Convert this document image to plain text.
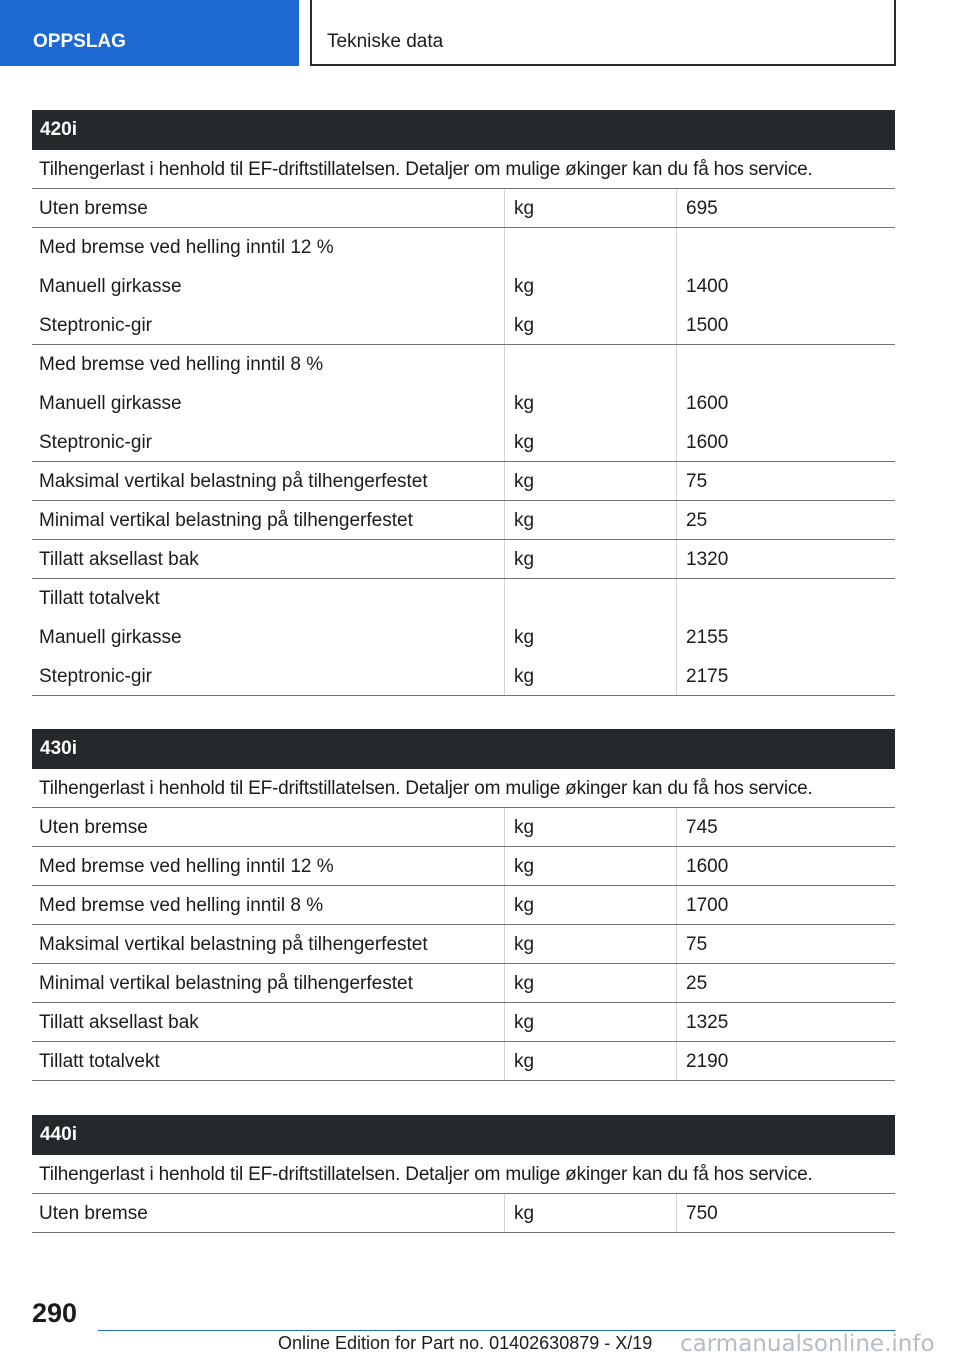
OPPSLAG	Tekniske data
420i
Tilhengerlast i henhold til EF-driftstillatelsen. Detaljer om mulige økinger kan du få hos service.
Uten bremse	kg	695
Med bremse ved helling inntil 12 %
Manuell girkasse	kg	1400
Steptronic-gir	kg	1500
Med bremse ved helling inntil 8 %
Manuell girkasse	kg	1600
Steptronic-gir	kg	1600
Maksimal vertikal belastning på tilhengerfestet	kg	75
Minimal vertikal belastning på tilhengerfestet	kg	25
Tillatt aksellast bak	kg	1320
Tillatt totalvekt
Manuell girkasse	kg	2155
Steptronic-gir	kg	2175
430i
Tilhengerlast i henhold til EF-driftstillatelsen. Detaljer om mulige økinger kan du få hos service.
Uten bremse	kg	745
Med bremse ved helling inntil 12 %	kg	1600
Med bremse ved helling inntil 8 %	kg	1700
Maksimal vertikal belastning på tilhengerfestet	kg	75
Minimal vertikal belastning på tilhengerfestet	kg	25
Tillatt aksellast bak	kg	1325
Tillatt totalvekt	kg	2190
440i
Tilhengerlast i henhold til EF-driftstillatelsen. Detaljer om mulige økinger kan du få hos service.
Uten bremse	kg	750
290
Online Edition for Part no. 01402630879 - X/19 carmanualsonline.info
